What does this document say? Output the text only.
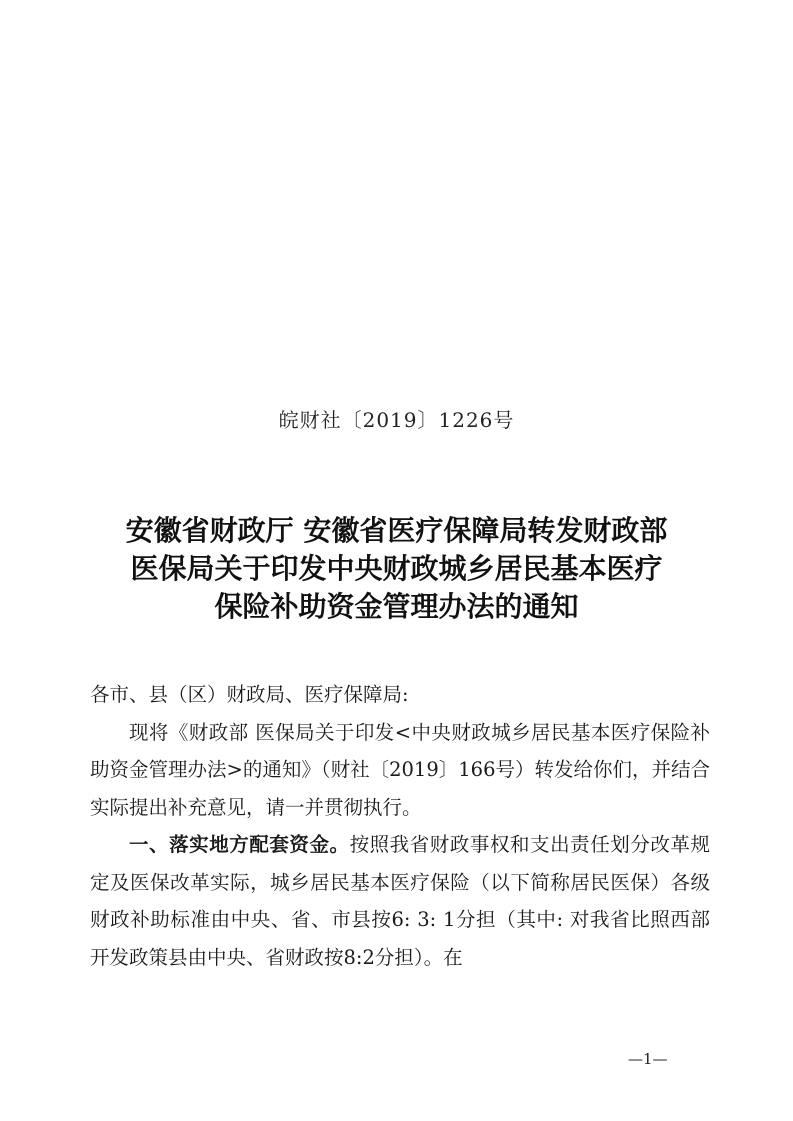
皖财社〔2019〕1226号
安徽省财政厅 安徽省医疗保障局转发财政部
医保局关于印发中央财政城乡居民基本医疗
保险补助资金管理办法的通知

各市、县（区）财政局、医疗保障局:

现将《财政部 医保局关于印发<中央财政城乡居民基本医疗保险补助资金管理办法>的通知》（财社〔2019〕166号）转发给你们，并结合实际提出补充意见，请一并贯彻执行。

一、落实地方配套资金。按照我省财政事权和支出责任划分改革规定及医保改革实际，城乡居民基本医疗保险（以下简称居民医保）各级财政补助标准由中央、省、市县按6: 3: 1分担（其中: 对我省比照西部开发政策县由中央、省财政按8:2分担）。在

—1—
